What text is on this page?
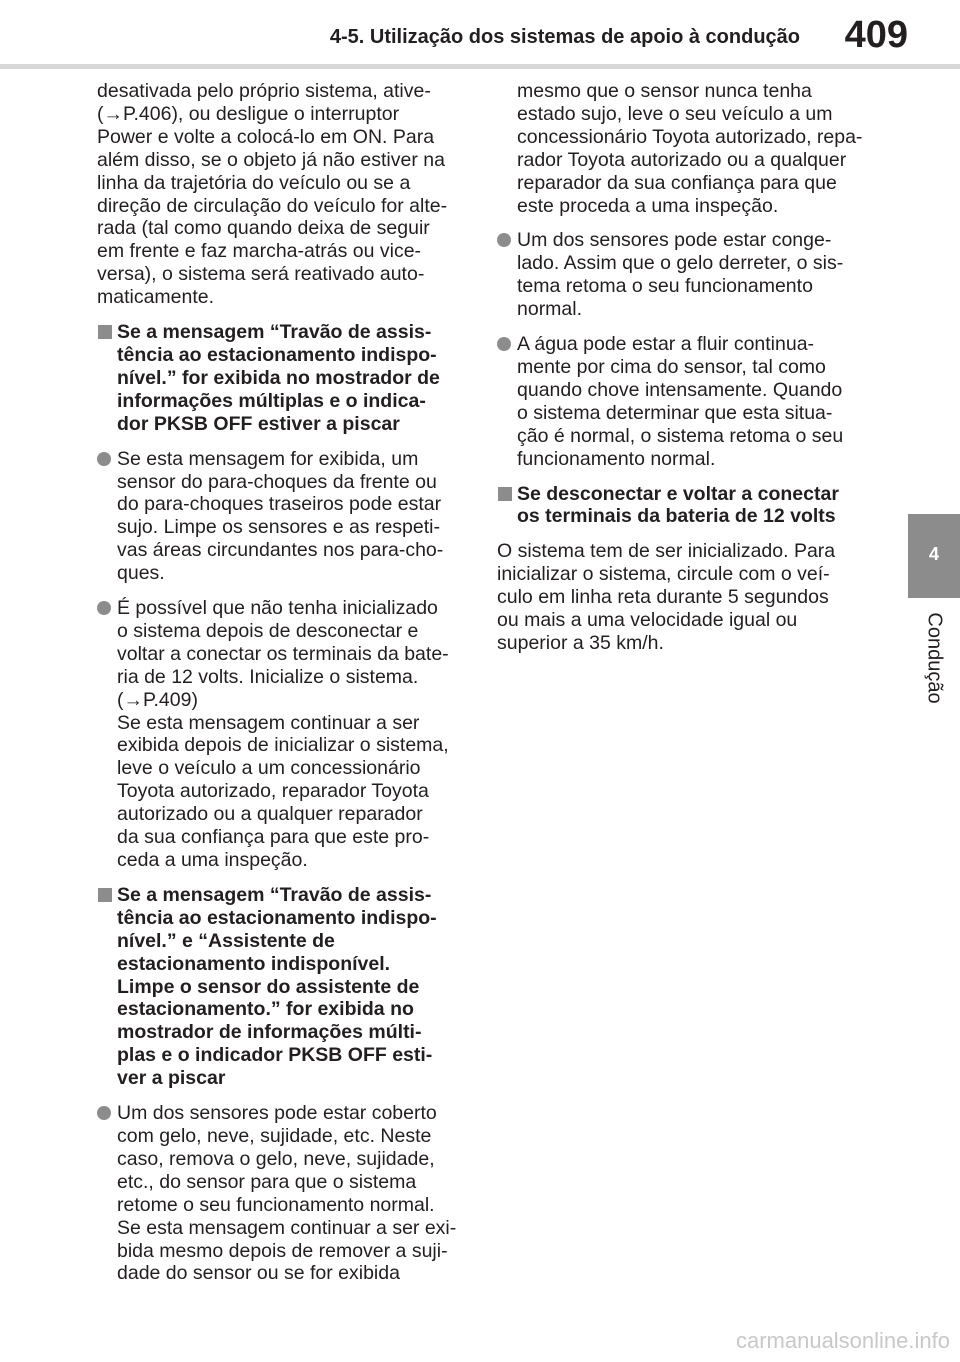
4-5. Utilização dos sistemas de apoio à condução	409
4
Condução

desativada pelo próprio sistema, ative-
(→P.406), ou desligue o interruptor
Power e volte a colocá-lo em ON. Para
além disso, se o objeto já não estiver na
linha da trajetória do veículo ou se a
direção de circulação do veículo for alte-
rada (tal como quando deixa de seguir
em frente e faz marcha-atrás ou vice-
versa), o sistema será reativado auto-
maticamente.

Se a mensagem “Travão de assis-
tência ao estacionamento indispo-
nível.” for exibida no mostrador de
informações múltiplas e o indica-
dor PKSB OFF estiver a piscar
Se esta mensagem for exibida, um
sensor do para-choques da frente ou
do para-choques traseiros pode estar
sujo. Limpe os sensores e as respeti-
vas áreas circundantes nos para-cho-
ques.
É possível que não tenha inicializado
o sistema depois de desconectar e
voltar a conectar os terminais da bate-
ria de 12 volts. Inicialize o sistema.
(→P.409)
Se esta mensagem continuar a ser
exibida depois de inicializar o sistema,
leve o veículo a um concessionário
Toyota autorizado, reparador Toyota
autorizado ou a qualquer reparador
da sua confiança para que este pro-
ceda a uma inspeção.
Se a mensagem “Travão de assis-
tência ao estacionamento indispo-
nível.” e “Assistente de
estacionamento indisponível.
Limpe o sensor do assistente de
estacionamento.” for exibida no
mostrador de informações múlti-
plas e o indicador PKSB OFF esti-
ver a piscar
Um dos sensores pode estar coberto
com gelo, neve, sujidade, etc. Neste
caso, remova o gelo, neve, sujidade,
etc., do sensor para que o sistema
retome o seu funcionamento normal.
Se esta mensagem continuar a ser exi-
bida mesmo depois de remover a suji-
dade do sensor ou se for exibida
mesmo que o sensor nunca tenha
estado sujo, leve o seu veículo a um
concessionário Toyota autorizado, repa-
rador Toyota autorizado ou a qualquer
reparador da sua confiança para que
este proceda a uma inspeção.
Um dos sensores pode estar conge-
lado. Assim que o gelo derreter, o sis-
tema retoma o seu funcionamento
normal.
A água pode estar a fluir continua-
mente por cima do sensor, tal como
quando chove intensamente. Quando
o sistema determinar que esta situa-
ção é normal, o sistema retoma o seu
funcionamento normal.
Se desconectar e voltar a conectar
os terminais da bateria de 12 volts

O sistema tem de ser inicializado. Para
inicializar o sistema, circule com o veí-
culo em linha reta durante 5 segundos
ou mais a uma velocidade igual ou
superior a 35 km/h.

carmanualsonline.info
